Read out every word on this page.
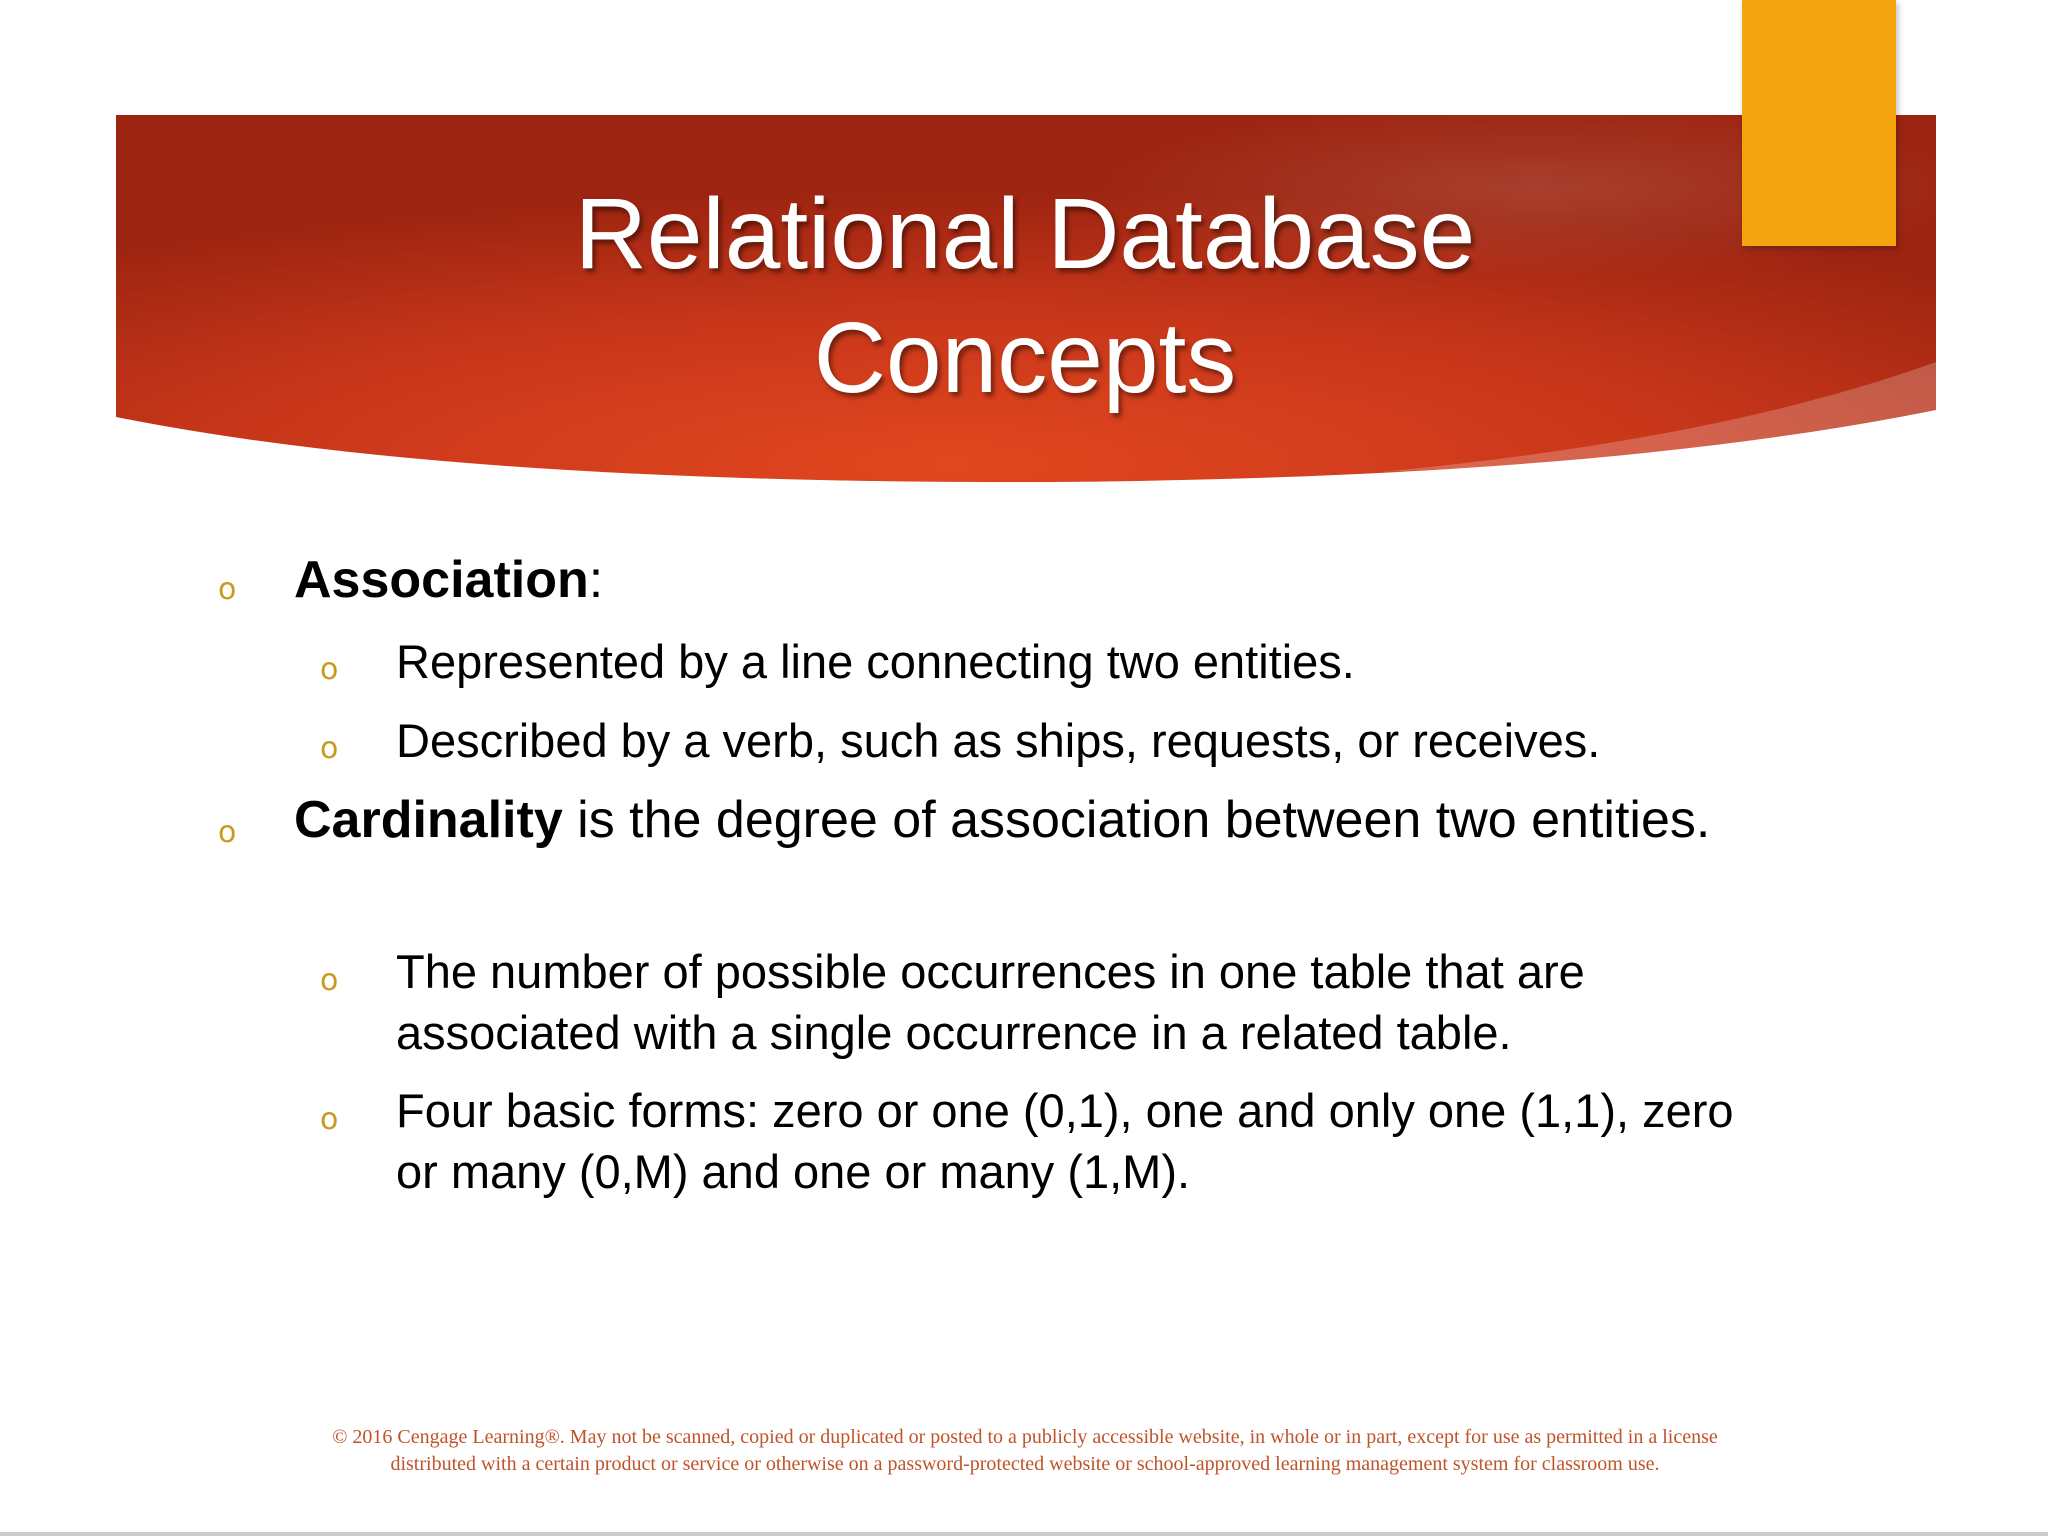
Relational Database
Concepts
o Association:
o Represented by a line connecting two entities.
o Described by a verb, such as ships, requests, or receives.
o Cardinality is the degree of association between two entities.
o The number of possible occurrences in one table that are associated with a single occurrence in a related table.
o Four basic forms: zero or one (0,1), one and only one (1,1), zero or many (0,M) and one or many (1,M).
© 2016 Cengage Learning®. May not be scanned, copied or duplicated or posted to a publicly accessible website, in whole or in part, except for use as permitted in a license
distributed with a certain product or service or otherwise on a password-protected website or school-approved learning management system for classroom use.
